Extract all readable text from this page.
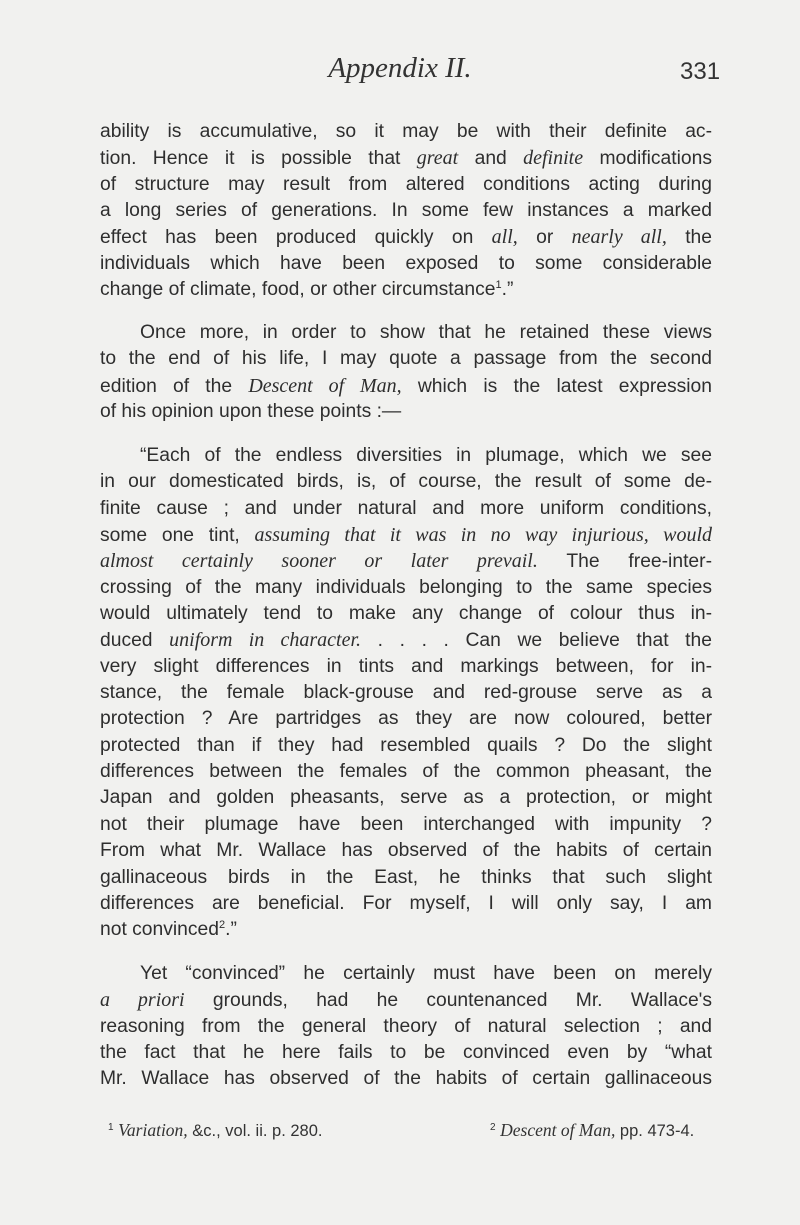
Appendix II.	331
ability is accumulative, so it may be with their definite ac-
tion. Hence it is possible that great and definite modifications
of structure may result from altered conditions acting during
a long series of generations. In some few instances a marked
effect has been produced quickly on all, or nearly all, the
individuals which have been exposed to some considerable
change of climate, food, or other circumstance$^1$.”
Once more, in order to show that he retained these views
to the end of his life, I may quote a passage from the second
edition of the Descent of Man, which is the latest expression
of his opinion upon these points :—
“Each of the endless diversities in plumage, which we see
in our domesticated birds, is, of course, the result of some de-
finite cause ; and under natural and more uniform conditions,
some one tint, assuming that it was in no way injurious, would
almost certainly sooner or later prevail. The free-inter-
crossing of the many individuals belonging to the same species
would ultimately tend to make any change of colour thus in-
duced uniform in character. . . . . Can we believe that the
very slight differences in tints and markings between, for in-
stance, the female black-grouse and red-grouse serve as a
protection ? Are partridges as they are now coloured, better
protected than if they had resembled quails ? Do the slight
differences between the females of the common pheasant, the
Japan and golden pheasants, serve as a protection, or might
not their plumage have been interchanged with impunity ?
From what Mr. Wallace has observed of the habits of certain
gallinaceous birds in the East, he thinks that such slight
differences are beneficial. For myself, I will only say, I am
not convinced$^2$.”
Yet “convinced” he certainly must have been on merely
a priori grounds, had he countenanced Mr. Wallace's
reasoning from the general theory of natural selection ; and
the fact that he here fails to be convinced even by “what
Mr. Wallace has observed of the habits of certain gallinaceous
$^1$ Variation, &c., vol. ii. p. 280.	$^2$ Descent of Man, pp. 473-4.
